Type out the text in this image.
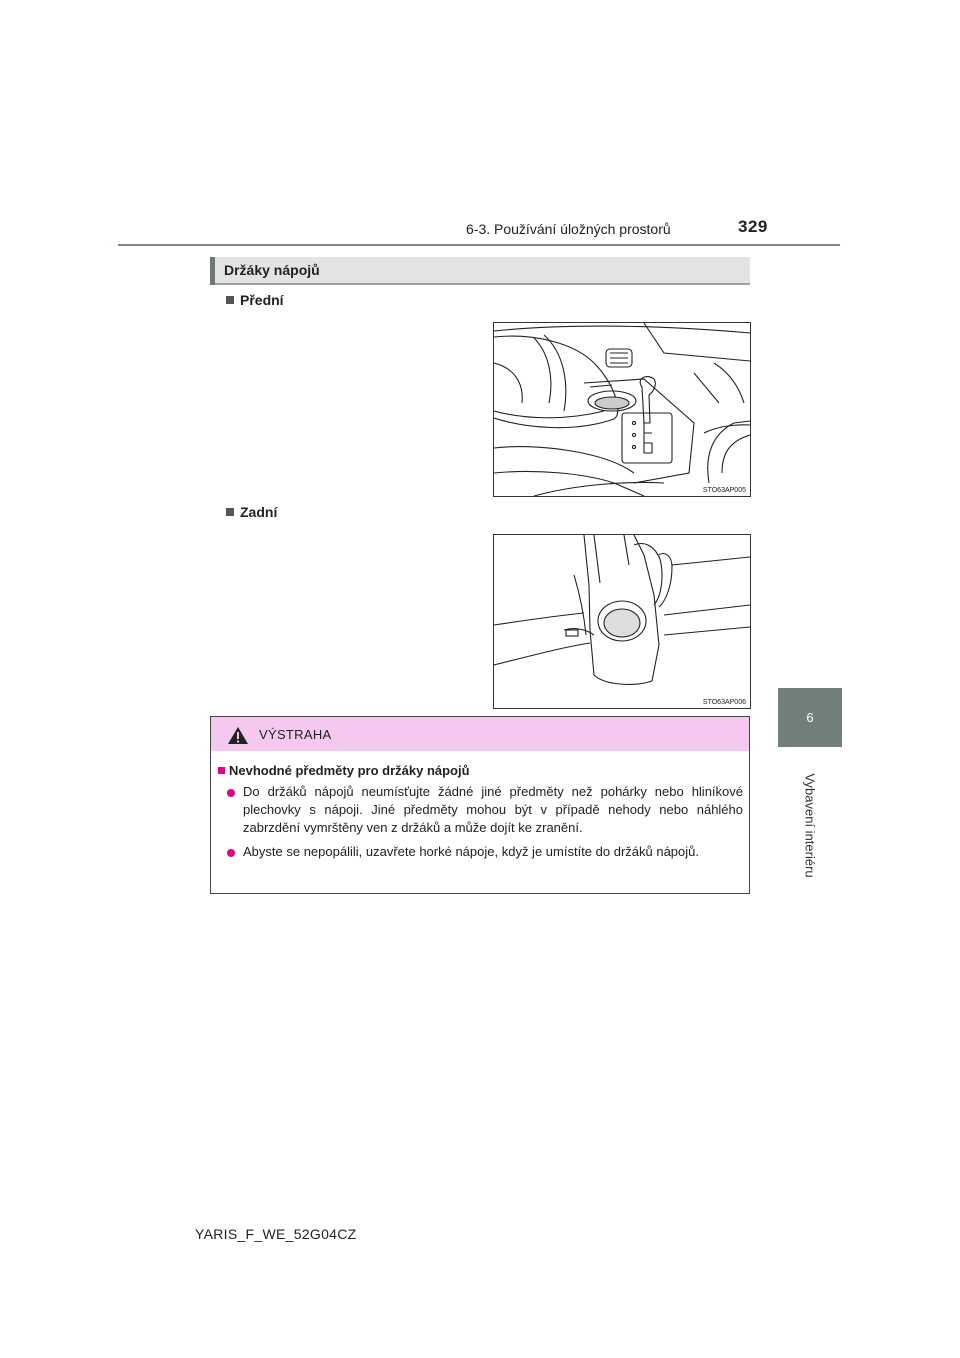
6-3. Používání úložných prostorů	329
6
Vybavení interiéru
Držáky nápojů
Přední
STO63AP005
Zadní
STO63AP006
VÝSTRAHA
Nevhodné předměty pro držáky nápojů
Do držáků nápojů neumísťujte žádné jiné předměty než pohárky nebo hliníkové plechovky s nápoji. Jiné předměty mohou být v případě nehody nebo náhlého zabrzdění vymrštěny ven z držáků a může dojít ke zranění.
Abyste se nepopálili, uzavřete horké nápoje, když je umístíte do držáků nápojů.
YARIS_F_WE_52G04CZ
